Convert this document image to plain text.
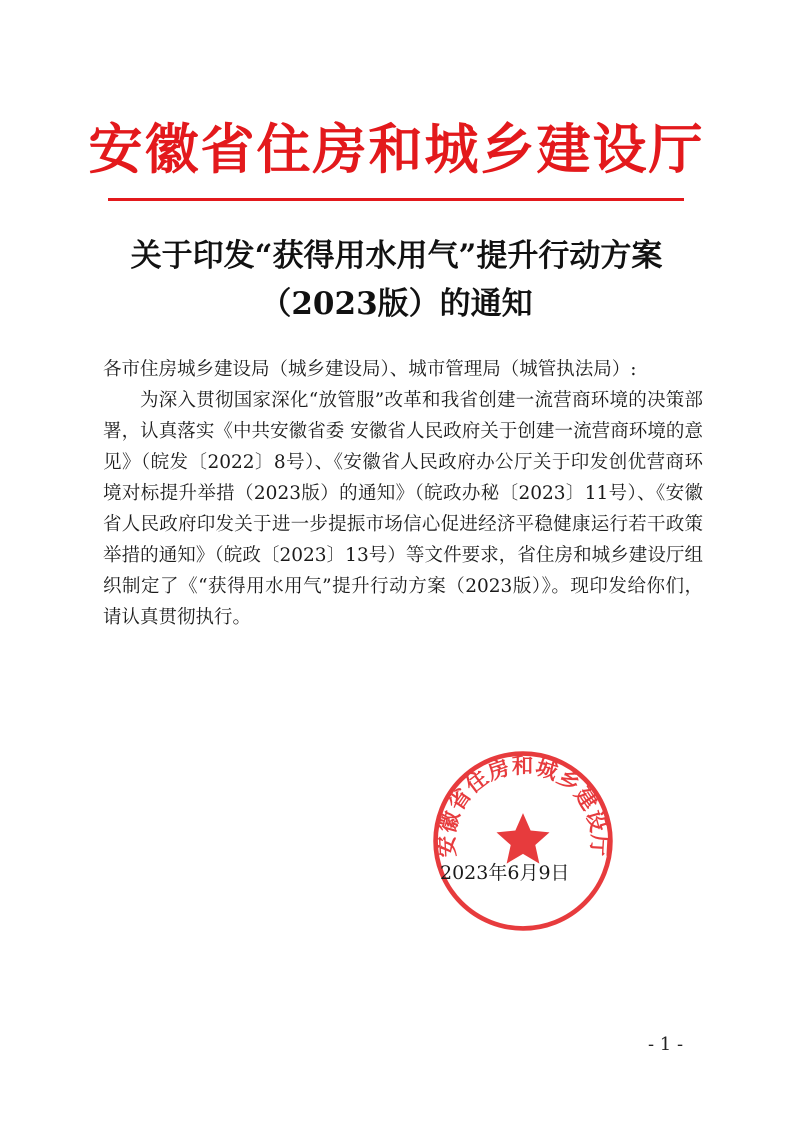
安徽省住房和城乡建设厅
关于印发“获得用水用气”提升行动方案
（2023版）的通知
各市住房城乡建设局（城乡建设局）、城市管理局（城管执法局）:

为深入贯彻国家深化“放管服”改革和我省创建一流营商环境的决策部署，认真落实《中共安徽省委 安徽省人民政府关于创建一流营商环境的意见》（皖发〔2022〕8号）、《安徽省人民政府办公厅关于印发创优营商环境对标提升举措（2023版）的通知》（皖政办秘〔2023〕11号）、《安徽省人民政府印发关于进一步提振市场信心促进经济平稳健康运行若干政策举措的通知》（皖政〔2023〕13号）等文件要求，省住房和城乡建设厅组织制定了《“获得用水用气”提升行动方案（2023版）》。现印发给你们，请认真贯彻执行。

安徽省住房和城乡建设厅
2023年6月9日
- 1 -
